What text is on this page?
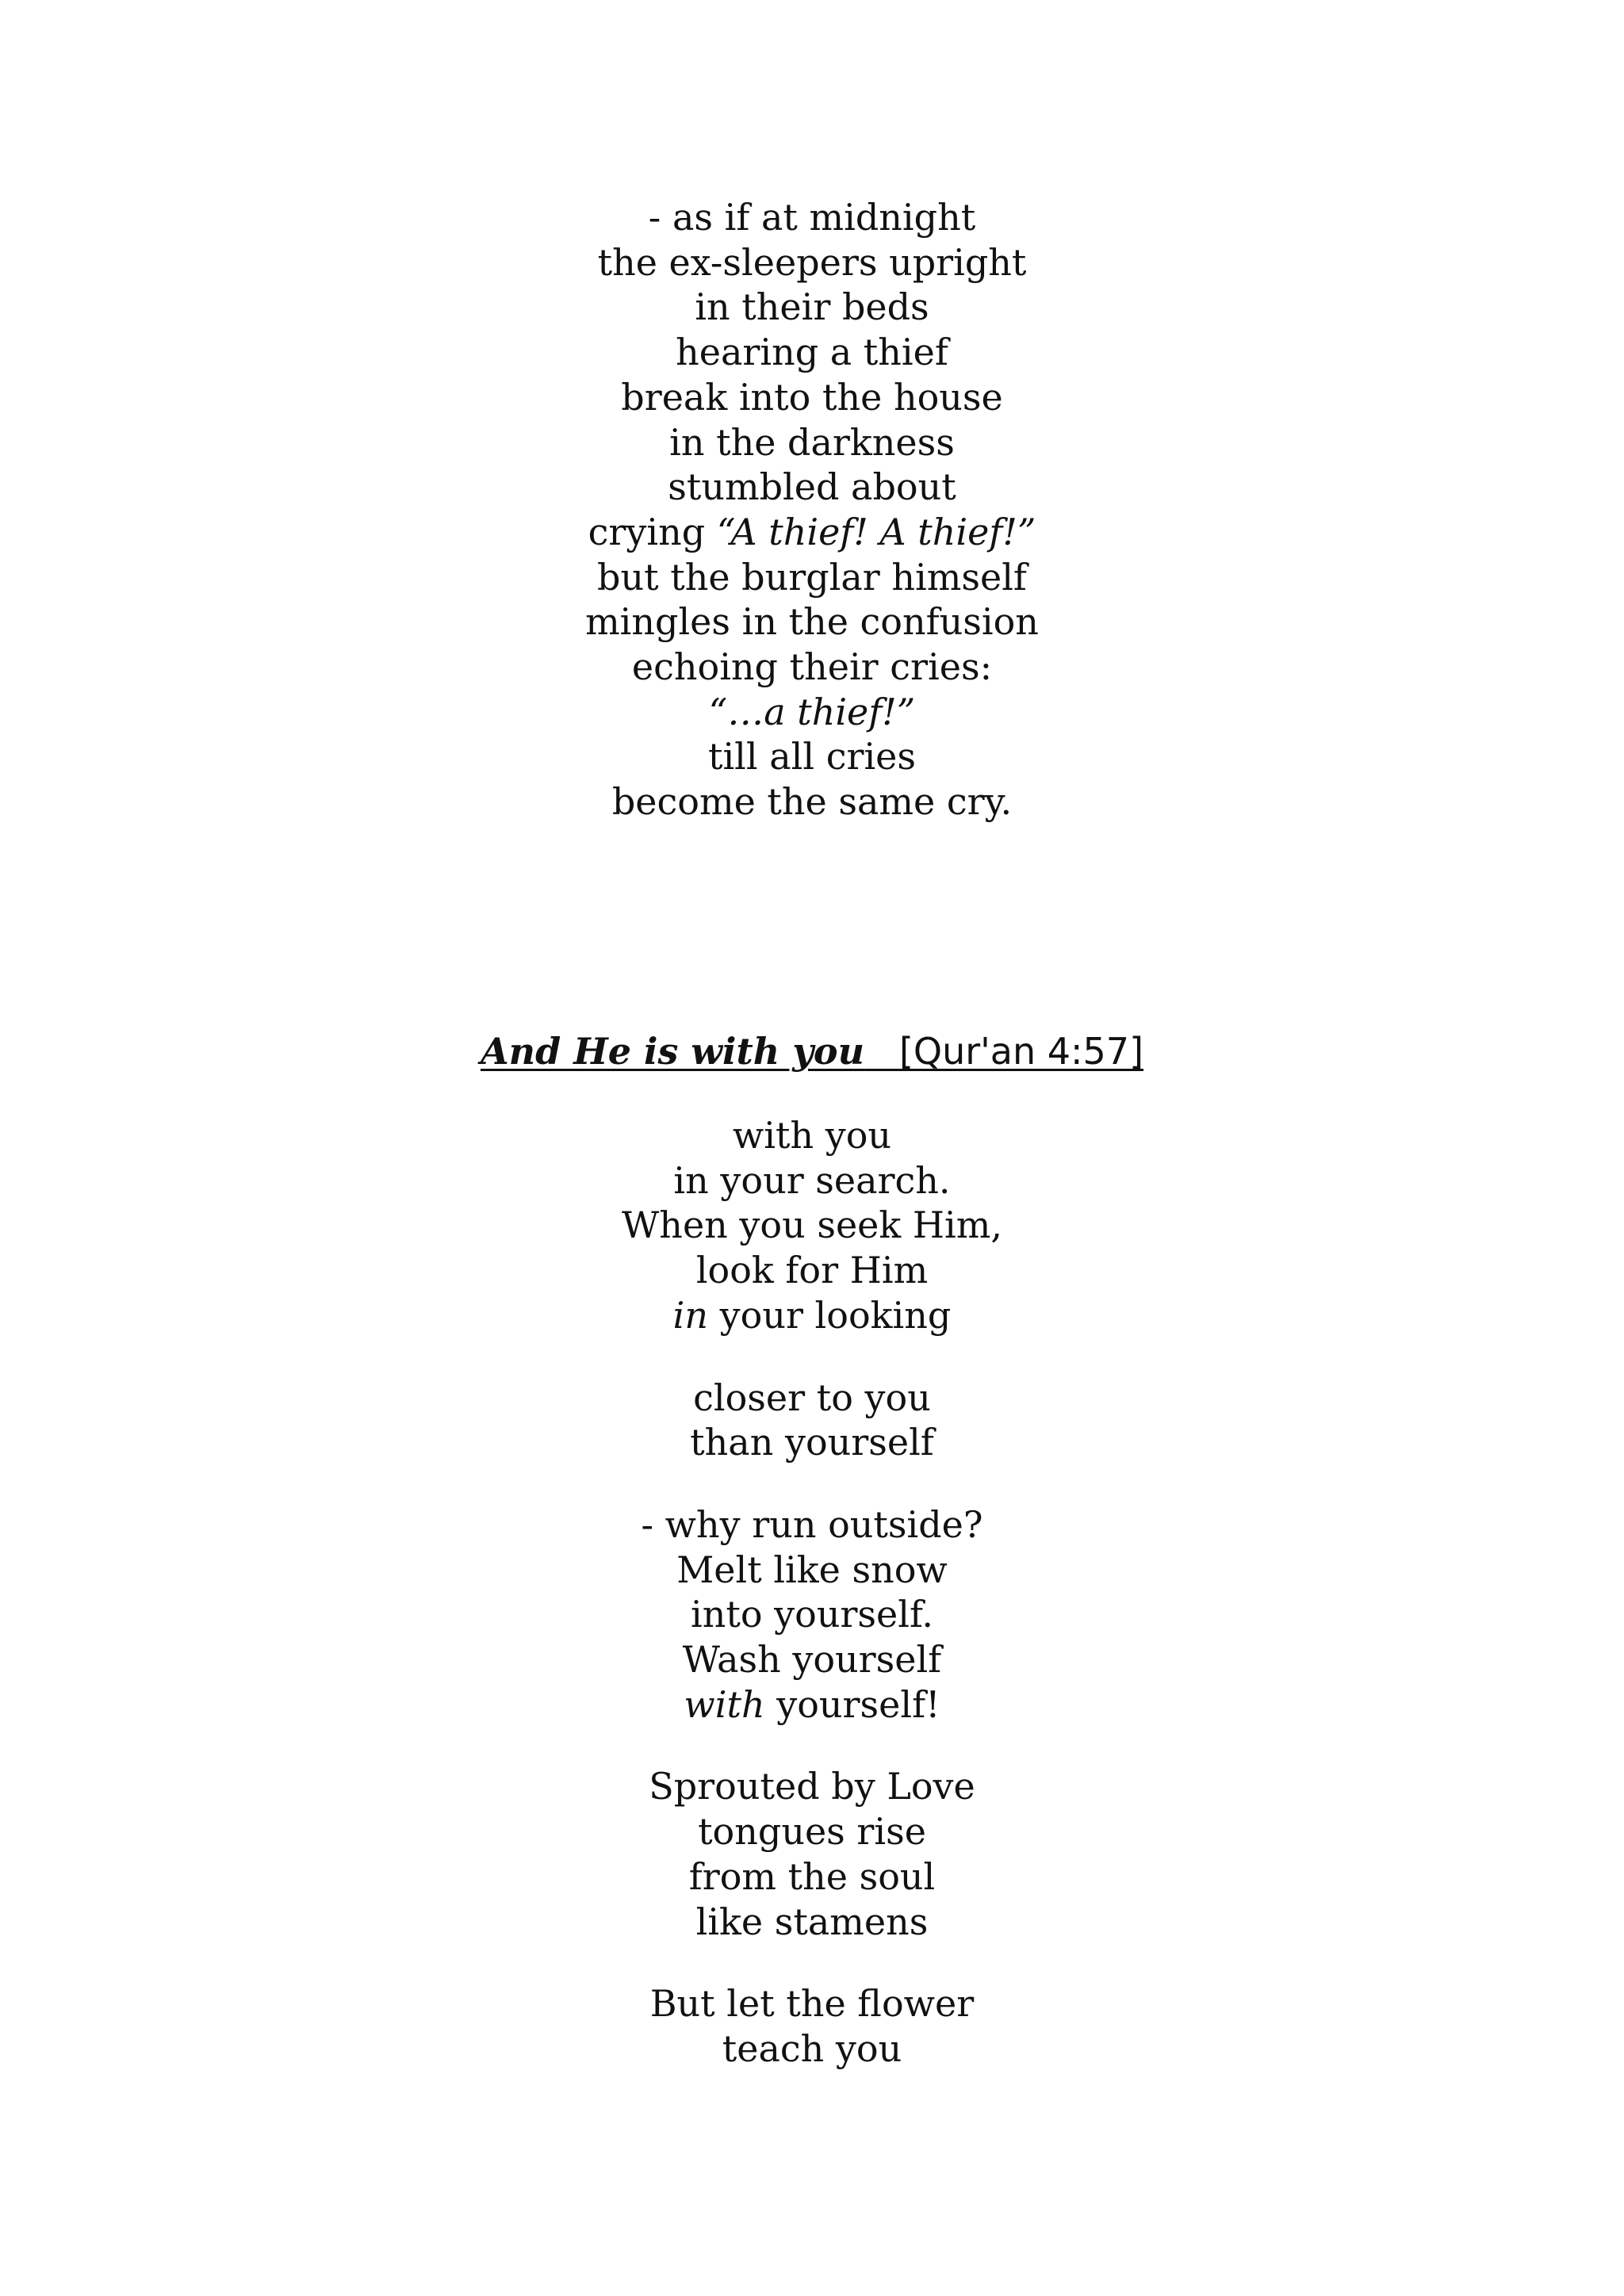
- as if at midnight
the ex-sleepers upright
in their beds
hearing a thief
break into the house
in the darkness
stumbled about
crying “A thief! A thief!”
but the burglar himself
mingles in the confusion
echoing their cries:
“…a thief!”
till all cries
become the same cry.
And He is with you [Qur'an 4:57]
with you
in your search.
When you seek Him,
look for Him
in your looking
closer to you
than yourself
- why run outside?
Melt like snow
into yourself.
Wash yourself
with yourself!
Sprouted by Love
tongues rise
from the soul
like stamens
But let the flower
teach you
